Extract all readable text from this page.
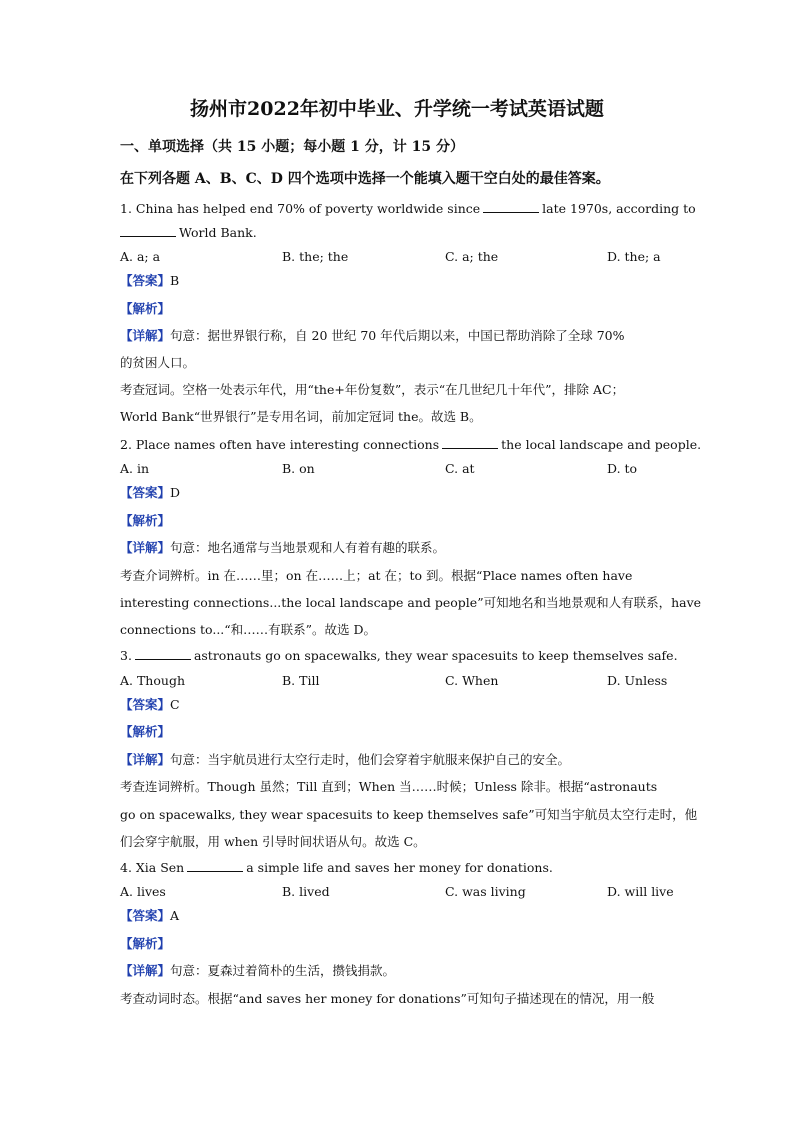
扬州市2022年初中毕业、升学统一考试英语试题
一、单项选择（共 15 小题；每小题 1 分，计 15 分）
在下列各题 A、B、C、D 四个选项中选择一个能填入题干空白处的最佳答案。
1. China has helped end 70% of poverty worldwide since	late 1970s, according to
World Bank.
A. a; a	B. the; the	C. a; the	D. the; a
【答案】B
【解析】
【详解】句意：据世界银行称，自 20 世纪 70 年代后期以来，中国已帮助消除了全球 70%
的贫困人口。
考查冠词。空格一处表示年代，用“the+年份复数”，表示“在几世纪几十年代”，排除 AC；
World Bank“世界银行”是专用名词，前加定冠词 the。故选 B。
2. Place names often have interesting connections	the local landscape and people.
A. in	B. on	C. at	D. to
【答案】D
【解析】
【详解】句意：地名通常与当地景观和人有着有趣的联系。
考查介词辨析。in 在……里；on 在……上；at 在；to 到。根据“Place names often have
interesting connections...the local landscape and people”可知地名和当地景观和人有联系，have
connections to...“和……有联系”。故选 D。
3.	astronauts go on spacewalks, they wear spacesuits to keep themselves safe.
A. Though	B. Till	C. When	D. Unless
【答案】C
【解析】
【详解】句意：当宇航员进行太空行走时，他们会穿着宇航服来保护自己的安全。
考查连词辨析。Though 虽然；Till 直到；When 当……时候；Unless 除非。根据“astronauts
go on spacewalks, they wear spacesuits to keep themselves safe”可知当宇航员太空行走时，他
们会穿宇航服，用 when 引导时间状语从句。故选 C。
4. Xia Sen	a simple life and saves her money for donations.
A. lives	B. lived	C. was living	D. will live
【答案】A
【解析】
【详解】句意：夏森过着简朴的生活，攒钱捐款。
考查动词时态。根据“and saves her money for donations”可知句子描述现在的情况，用一般
